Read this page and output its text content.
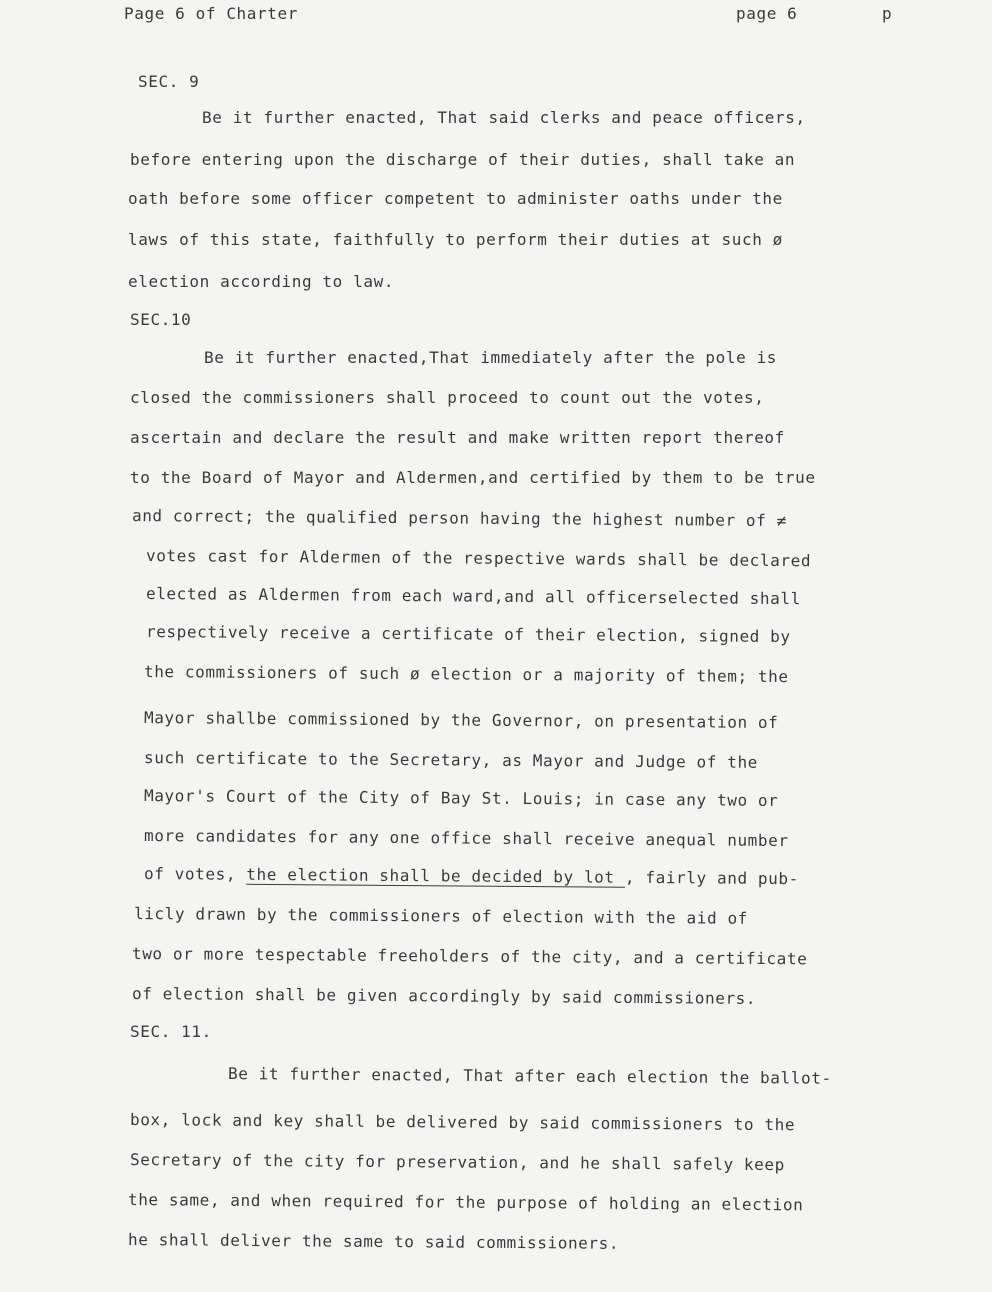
Page 6 of Charter	page 6	p
SEC. 9
Be it further enacted, That said clerks and peace officers,
before entering upon the discharge of their duties, shall take an
oath before some officer competent to administer oaths under the
laws of this state, faithfully to perform their duties at such ø
election according to law.
SEC.10
Be it further enacted,That immediately after the pole is
closed the commissioners shall proceed to count out the votes,
ascertain and declare the result and make written report thereof
to the Board of Mayor and Aldermen,and certified by them to be true
and correct; the qualified person having the highest number of ≠
votes cast for Aldermen of the respective wards shall be declared
elected as Aldermen from each ward,and all officerselected shall
respectively receive a certificate of their election, signed by
the commissioners of such ø election or a majority of them; the
Mayor shallbe commissioned by the Governor, on presentation of
such certificate to the Secretary, as Mayor and Judge of the
Mayor's Court of the City of Bay St. Louis; in case any two or
more candidates for any one office shall receive anequal number
of votes, the election shall be decided by lot , fairly and pub-
licly drawn by the commissioners of election with the aid of
two or more tespectable freeholders of the city, and a certificate
of election shall be given accordingly by said commissioners.
SEC. 11.
Be it further enacted, That after each election the ballot-
box, lock and key shall be delivered by said commissioners to the
Secretary of the city for preservation, and he shall safely keep
the same, and when required for the purpose of holding an election
he shall deliver the same to said commissioners.
